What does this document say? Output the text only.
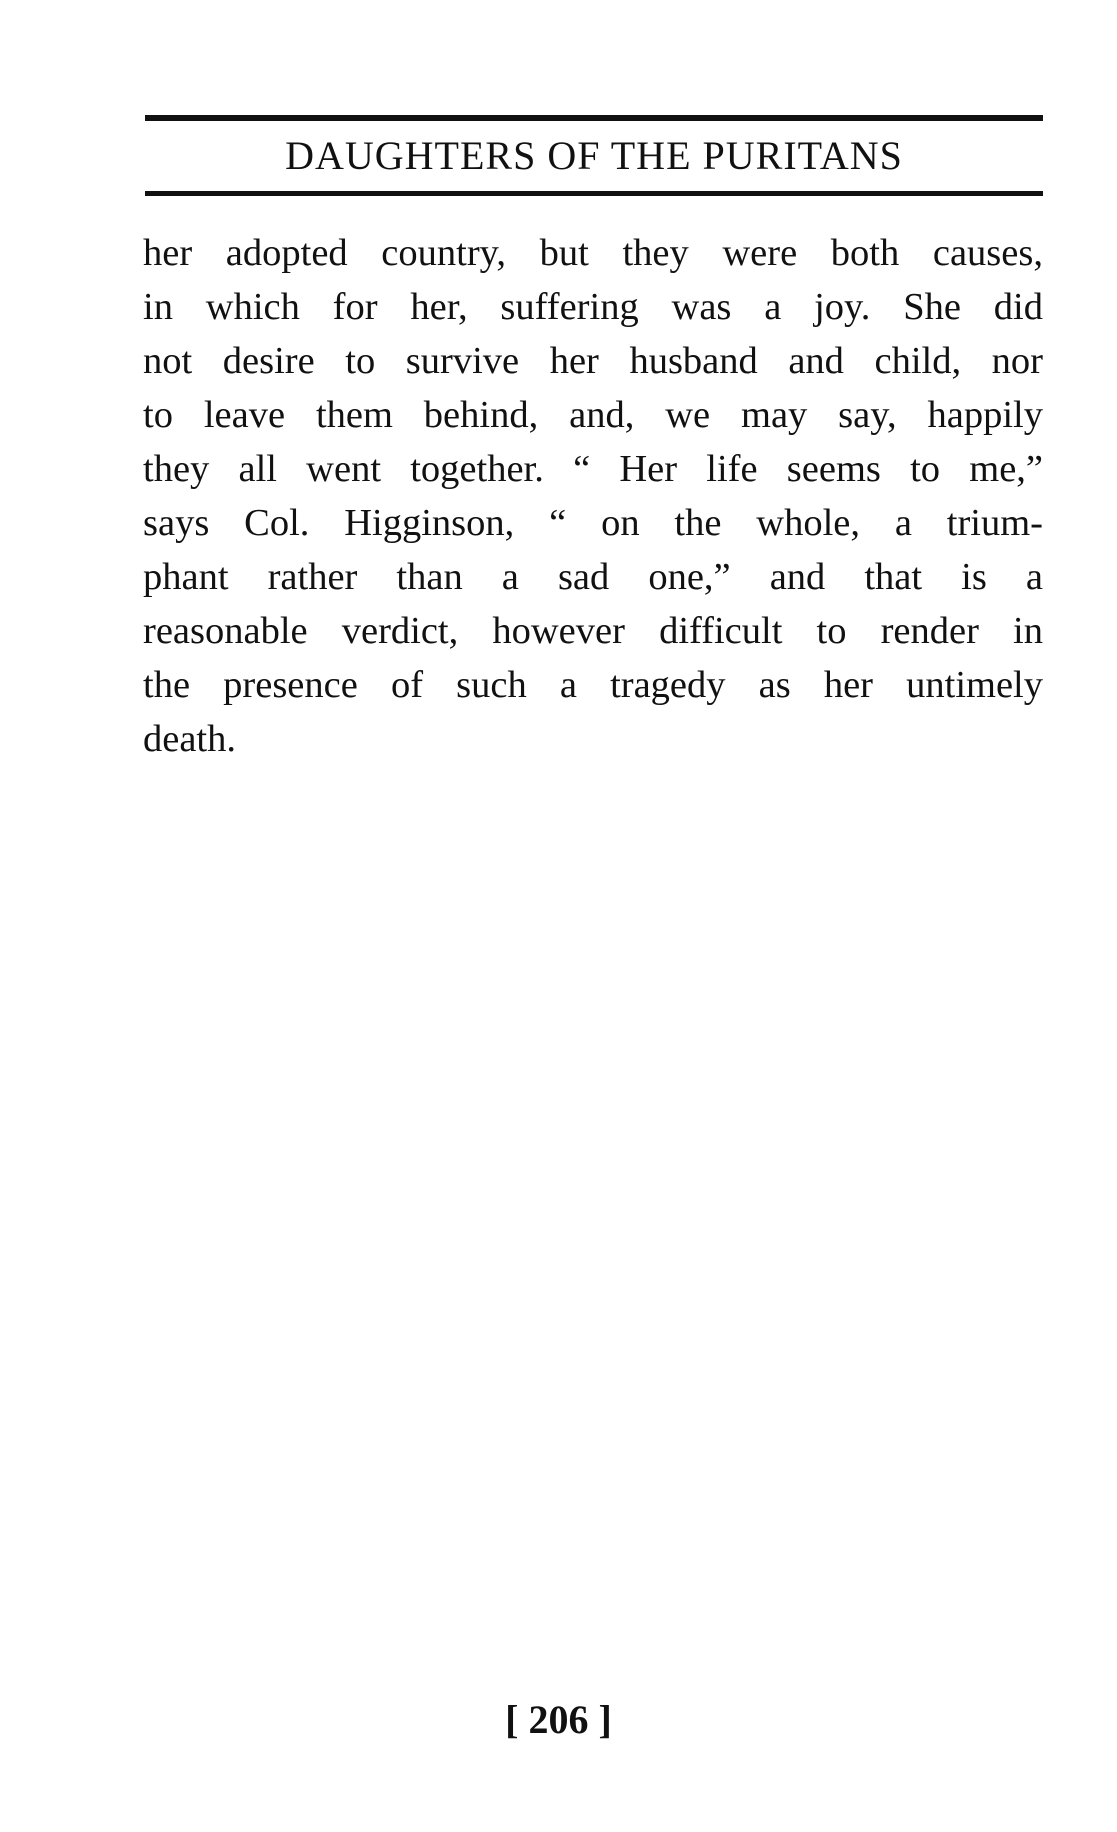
DAUGHTERS OF THE PURITANS
her adopted country, but they were both causes,
in which for her, suffering was a joy. She did
not desire to survive her husband and child, nor
to leave them behind, and, we may say, happily
they all went together. “ Her life seems to me,”
says Col. Higginson, “ on the whole, a trium-
phant rather than a sad one,” and that is a
reasonable verdict, however difficult to render in
the presence of such a tragedy as her untimely
death.
[ 206 ]
